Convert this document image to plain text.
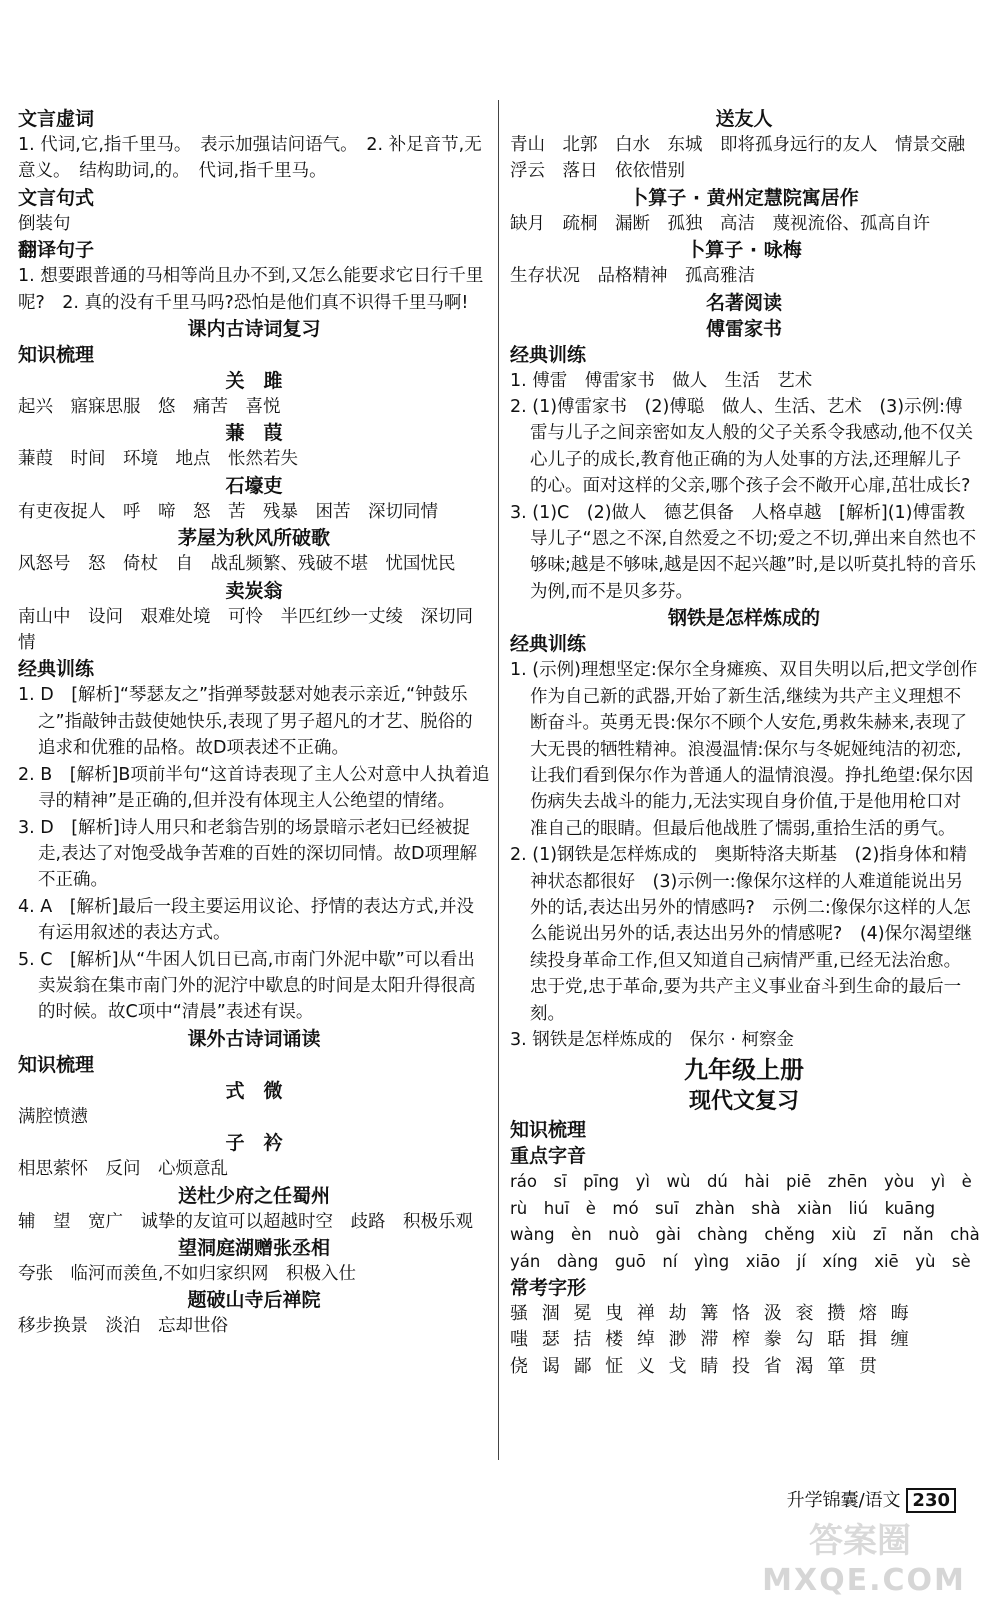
文言虚词
1. 代词,它,指千里马。　表示加强诘问语气。　2. 补足音节,无意义。　结构助词,的。　代词,指千里马。
文言句式
倒装句
翻译句子
1. 想要跟普通的马相等尚且办不到,又怎么能要求它日行千里呢?　2. 真的没有千里马吗?恐怕是他们真不识得千里马啊!
课内古诗词复习
知识梳理
关　雎
起兴　寤寐思服　悠　痛苦　喜悦
蒹　葭
蒹葭　时间　环境　地点　怅然若失
石壕吏
有吏夜捉人　呼　啼　怒　苦　残暴　困苦　深切同情
茅屋为秋风所破歌
风怒号　怒　倚杖　自　战乱频繁、残破不堪　忧国忧民
卖炭翁
南山中　设问　艰难处境　可怜　半匹红纱一丈绫　深切同情
经典训练
1. D　[解析]“琴瑟友之”指弹琴鼓瑟对她表示亲近,“钟鼓乐之”指敲钟击鼓使她快乐,表现了男子超凡的才艺、脱俗的追求和优雅的品格。故D项表述不正确。
2. B　[解析]B项前半句“这首诗表现了主人公对意中人执着追寻的精神”是正确的,但并没有体现主人公绝望的情绪。
3. D　[解析]诗人用只和老翁告别的场景暗示老妇已经被捉走,表达了对饱受战争苦难的百姓的深切同情。故D项理解不正确。
4. A　[解析]最后一段主要运用议论、抒情的表达方式,并没有运用叙述的表达方式。
5. C　[解析]从“牛困人饥日已高,市南门外泥中歇”可以看出卖炭翁在集市南门外的泥泞中歇息的时间是太阳升得很高的时候。故C项中“清晨”表述有误。
课外古诗词诵读
知识梳理
式　微
满腔愤懑
子　衿
相思萦怀　反问　心烦意乱
送杜少府之任蜀州
辅　望　宽广　诚挚的友谊可以超越时空　歧路　积极乐观
望洞庭湖赠张丞相
夸张　临河而羡鱼,不如归家织网　积极入仕
题破山寺后禅院
移步换景　淡泊　忘却世俗
送友人
青山　北郭　白水　东城　即将孤身远行的友人　情景交融　浮云　落日　依依惜别
卜算子 · 黄州定慧院寓居作
缺月　疏桐　漏断　孤独　高洁　蔑视流俗、孤高自许
卜算子 · 咏梅
生存状况　品格精神　孤高雅洁
名著阅读
傅雷家书
经典训练
1. 傅雷　傅雷家书　做人　生活　艺术
2. (1)傅雷家书　(2)傅聪　做人、生活、艺术　(3)示例:傅雷与儿子之间亲密如友人般的父子关系令我感动,他不仅关心儿子的成长,教育他正确的为人处事的方法,还理解儿子的心。面对这样的父亲,哪个孩子会不敞开心扉,茁壮成长?
3. (1)C　(2)做人　德艺俱备　人格卓越　[解析](1)傅雷教导儿子“恩之不深,自然爱之不切;爱之不切,弹出来自然也不够味;越是不够味,越是因不起兴趣”时,是以听莫扎特的音乐为例,而不是贝多芬。
钢铁是怎样炼成的
经典训练
1. (示例)理想坚定:保尔全身瘫痪、双目失明以后,把文学创作作为自己新的武器,开始了新生活,继续为共产主义理想不断奋斗。英勇无畏:保尔不顾个人安危,勇救朱赫来,表现了大无畏的牺牲精神。浪漫温情:保尔与冬妮娅纯洁的初恋,让我们看到保尔作为普通人的温情浪漫。挣扎绝望:保尔因伤病失去战斗的能力,无法实现自身价值,于是他用枪口对准自己的眼睛。但最后他战胜了懦弱,重拾生活的勇气。
2. (1)钢铁是怎样炼成的　奥斯特洛夫斯基　(2)指身体和精神状态都很好　(3)示例一:像保尔这样的人难道能说出另外的话,表达出另外的情感吗?　示例二:像保尔这样的人怎么能说出另外的话,表达出另外的情感呢?　(4)保尔渴望继续投身革命工作,但又知道自己病情严重,已经无法治愈。　忠于党,忠于革命,要为共产主义事业奋斗到生命的最后一刻。
3. 钢铁是怎样炼成的　保尔 · 柯察金
九年级上册
现代文复习
知识梳理
重点字音
ráo　sī　pīng　yì　wù　dú　hài　piē　zhēn　yòu　yì　è
rù　huī　è　mó　suī　zhàn　shà　xiàn　liú　kuāng
wàng　èn　nuò　gài　chàng　chěng　xiù　zī　nǎn　chà
yán　dàng　guō　ní　yìng　xiāo　jí　xíng　xiē　yù　sè
常考字形
骚 涸 冕 曳 禅 劫 篝 恪 汲 衮 攒 熔 晦
嗤 瑟 拮 楼 绰 渺 滞 榨 豢 勾 聒 揖 缠
侥 谒 鄙 怔 义 戈 睛 投 省 渴 箪 贯
升学锦囊/语文 230
答案圈
MXQE.COM
